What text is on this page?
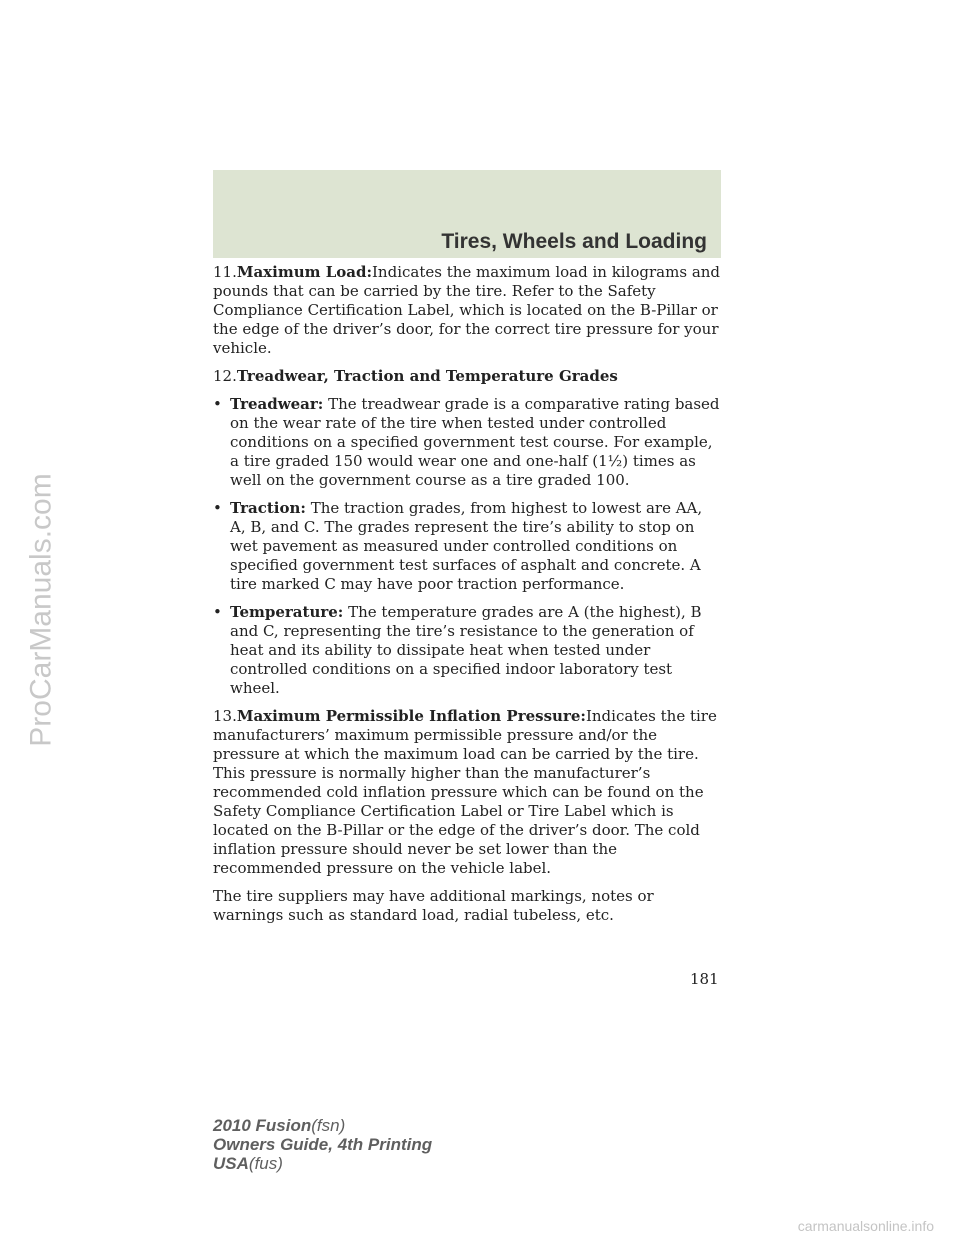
Tires, Wheels and Loading

11.Maximum Load:Indicates the maximum load in kilograms and pounds that can be carried by the tire. Refer to the Safety Compliance Certification Label, which is located on the B-Pillar or the edge of the driver’s door, for the correct tire pressure for your vehicle.

12.Treadwear, Traction and Temperature Grades

• Treadwear: The treadwear grade is a comparative rating based on the wear rate of the tire when tested under controlled conditions on a specified government test course. For example, a tire graded 150 would wear one and one-half (1½) times as well on the government course as a tire graded 100.
• Traction: The traction grades, from highest to lowest are AA, A, B, and C. The grades represent the tire’s ability to stop on wet pavement as measured under controlled conditions on specified government test surfaces of asphalt and concrete. A tire marked C may have poor traction performance.
• Temperature: The temperature grades are A (the highest), B and C, representing the tire’s resistance to the generation of heat and its ability to dissipate heat when tested under controlled conditions on a specified indoor laboratory test wheel.

13.Maximum Permissible Inflation Pressure:Indicates the tire manufacturers’ maximum permissible pressure and/or the pressure at which the maximum load can be carried by the tire. This pressure is normally higher than the manufacturer’s recommended cold inflation pressure which can be found on the Safety Compliance Certification Label or Tire Label which is located on the B-Pillar or the edge of the driver’s door. The cold inflation pressure should never be set lower than the recommended pressure on the vehicle label.

The tire suppliers may have additional markings, notes or warnings such as standard load, radial tubeless, etc.

181
2010 Fusion(fsn)
Owners Guide, 4th Printing
USA(fus)
ProCarManuals.com
carmanualsonline.info
